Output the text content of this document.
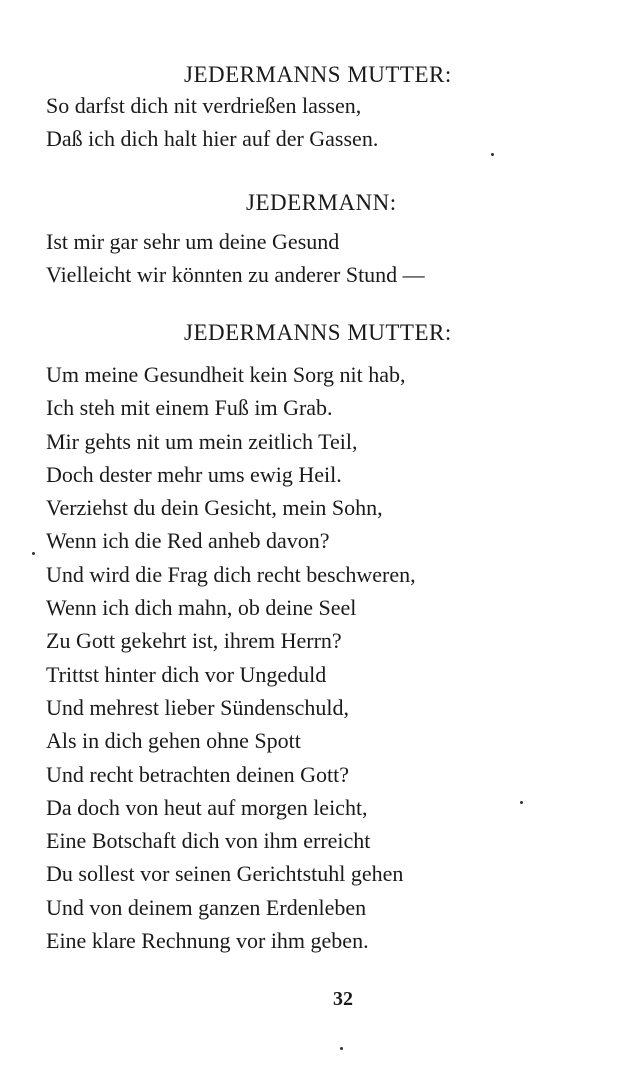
JEDERMANNS MUTTER:
So darfst dich nit verdrießen lassen,
Daß ich dich halt hier auf der Gassen.
JEDERMANN:
Ist mir gar sehr um deine Gesund
Vielleicht wir könnten zu anderer Stund —
JEDERMANNS MUTTER:
Um meine Gesundheit kein Sorg nit hab,
Ich steh mit einem Fuß im Grab.
Mir gehts nit um mein zeitlich Teil,
Doch dester mehr ums ewig Heil.
Verziehst du dein Gesicht, mein Sohn,
Wenn ich die Red anheb davon?
Und wird die Frag dich recht beschweren,
Wenn ich dich mahn, ob deine Seel
Zu Gott gekehrt ist, ihrem Herrn?
Trittst hinter dich vor Ungeduld
Und mehrest lieber Sündenschuld,
Als in dich gehen ohne Spott
Und recht betrachten deinen Gott?
Da doch von heut auf morgen leicht,
Eine Botschaft dich von ihm erreicht
Du sollest vor seinen Gerichtstuhl gehen
Und von deinem ganzen Erdenleben
Eine klare Rechnung vor ihm geben.
32
